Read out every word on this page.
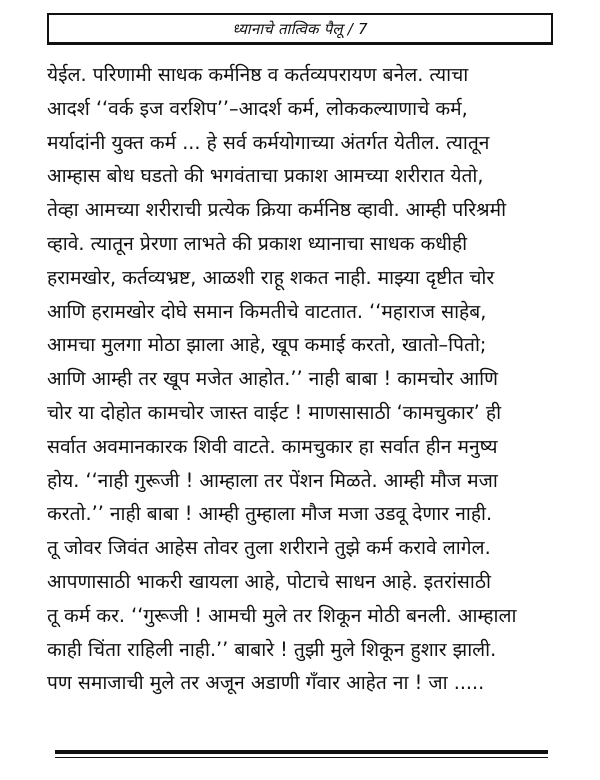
ध्यानाचे तात्विक पैलू / 7
येईल. परिणामी साधक कर्मनिष्ठ व कर्तव्यपरायण बनेल. त्याचा
आदर्श ‘‘वर्क इज वरशिप’’–आदर्श कर्म, लोककल्याणाचे कर्म,
मर्यादांनी युक्त कर्म ... हे सर्व कर्मयोगाच्या अंतर्गत येतील. त्यातून
आम्हास बोध घडतो की भगवंताचा प्रकाश आमच्या शरीरात येतो,
तेव्हा आमच्या शरीराची प्रत्येक क्रिया कर्मनिष्ठ व्हावी. आम्ही परिश्रमी
व्हावे. त्यातून प्रेरणा लाभते की प्रकाश ध्यानाचा साधक कधीही
हरामखोर, कर्तव्यभ्रष्ट, आळशी राहू शकत नाही. माझ्या दृष्टीत चोर
आणि हरामखोर दोघे समान किमतीचे वाटतात. ‘‘महाराज साहेब,
आमचा मुलगा मोठा झाला आहे, खूप कमाई करतो, खातो–पितो;
आणि आम्ही तर खूप मजेत आहोत.’’ नाही बाबा ! कामचोर आणि
चोर या दोहोत कामचोर जास्त वाईट ! माणसासाठी ‘कामचुकार’ ही
सर्वात अवमानकारक शिवी वाटते. कामचुकार हा सर्वात हीन मनुष्य
होय. ‘‘नाही गुरूजी ! आम्हाला तर पेंशन मिळते. आम्ही मौज मजा
करतो.’’ नाही बाबा ! आम्ही तुम्हाला मौज मजा उडवू देणार नाही.
तू जोवर जिवंत आहेस तोवर तुला शरीराने तुझे कर्म करावे लागेल.
आपणासाठी भाकरी खायला आहे, पोटाचे साधन आहे. इतरांसाठी
तू कर्म कर. ‘‘गुरूजी ! आमची मुले तर शिकून मोठी बनली. आम्हाला
काही चिंता राहिली नाही.’’ बाबारे ! तुझी मुले शिकून हुशार झाली.
पण समाजाची मुले तर अजून अडाणी गँवार आहेत ना ! जा .....
